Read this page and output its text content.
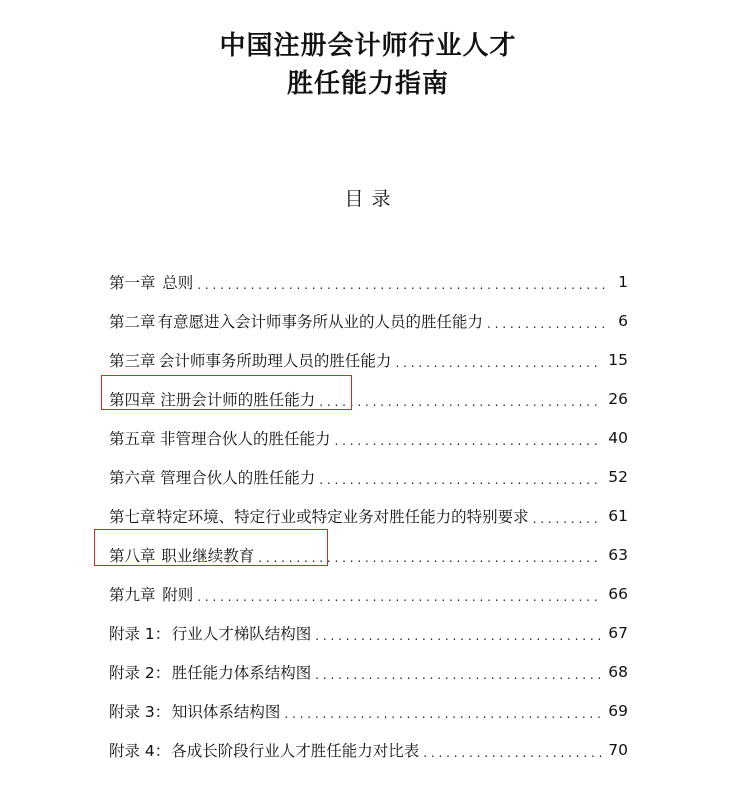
中国注册会计师行业人才
胜任能力指南
目 录
第一章 总则 . . .	1
第二章 有意愿进入会计师事务所从业的人员的胜任能力 . . .	6
第三章 会计师事务所助理人员的胜任能力 . . .	15
第四章 注册会计师的胜任能力 . . .	26
第五章 非管理合伙人的胜任能力 . . .	40
第六章 管理合伙人的胜任能力 . . .	52
第七章 特定环境、特定行业或特定业务对胜任能力的特别要求 . . .	61
第八章 职业继续教育 . . .	63
第九章 附则 . . .	66
附录 1： 行业人才梯队结构图 . . .	67
附录 2： 胜任能力体系结构图 . . .	68
附录 3： 知识体系结构图 . . .	69
附录 4： 各成长阶段行业人才胜任能力对比表 . . .	70
